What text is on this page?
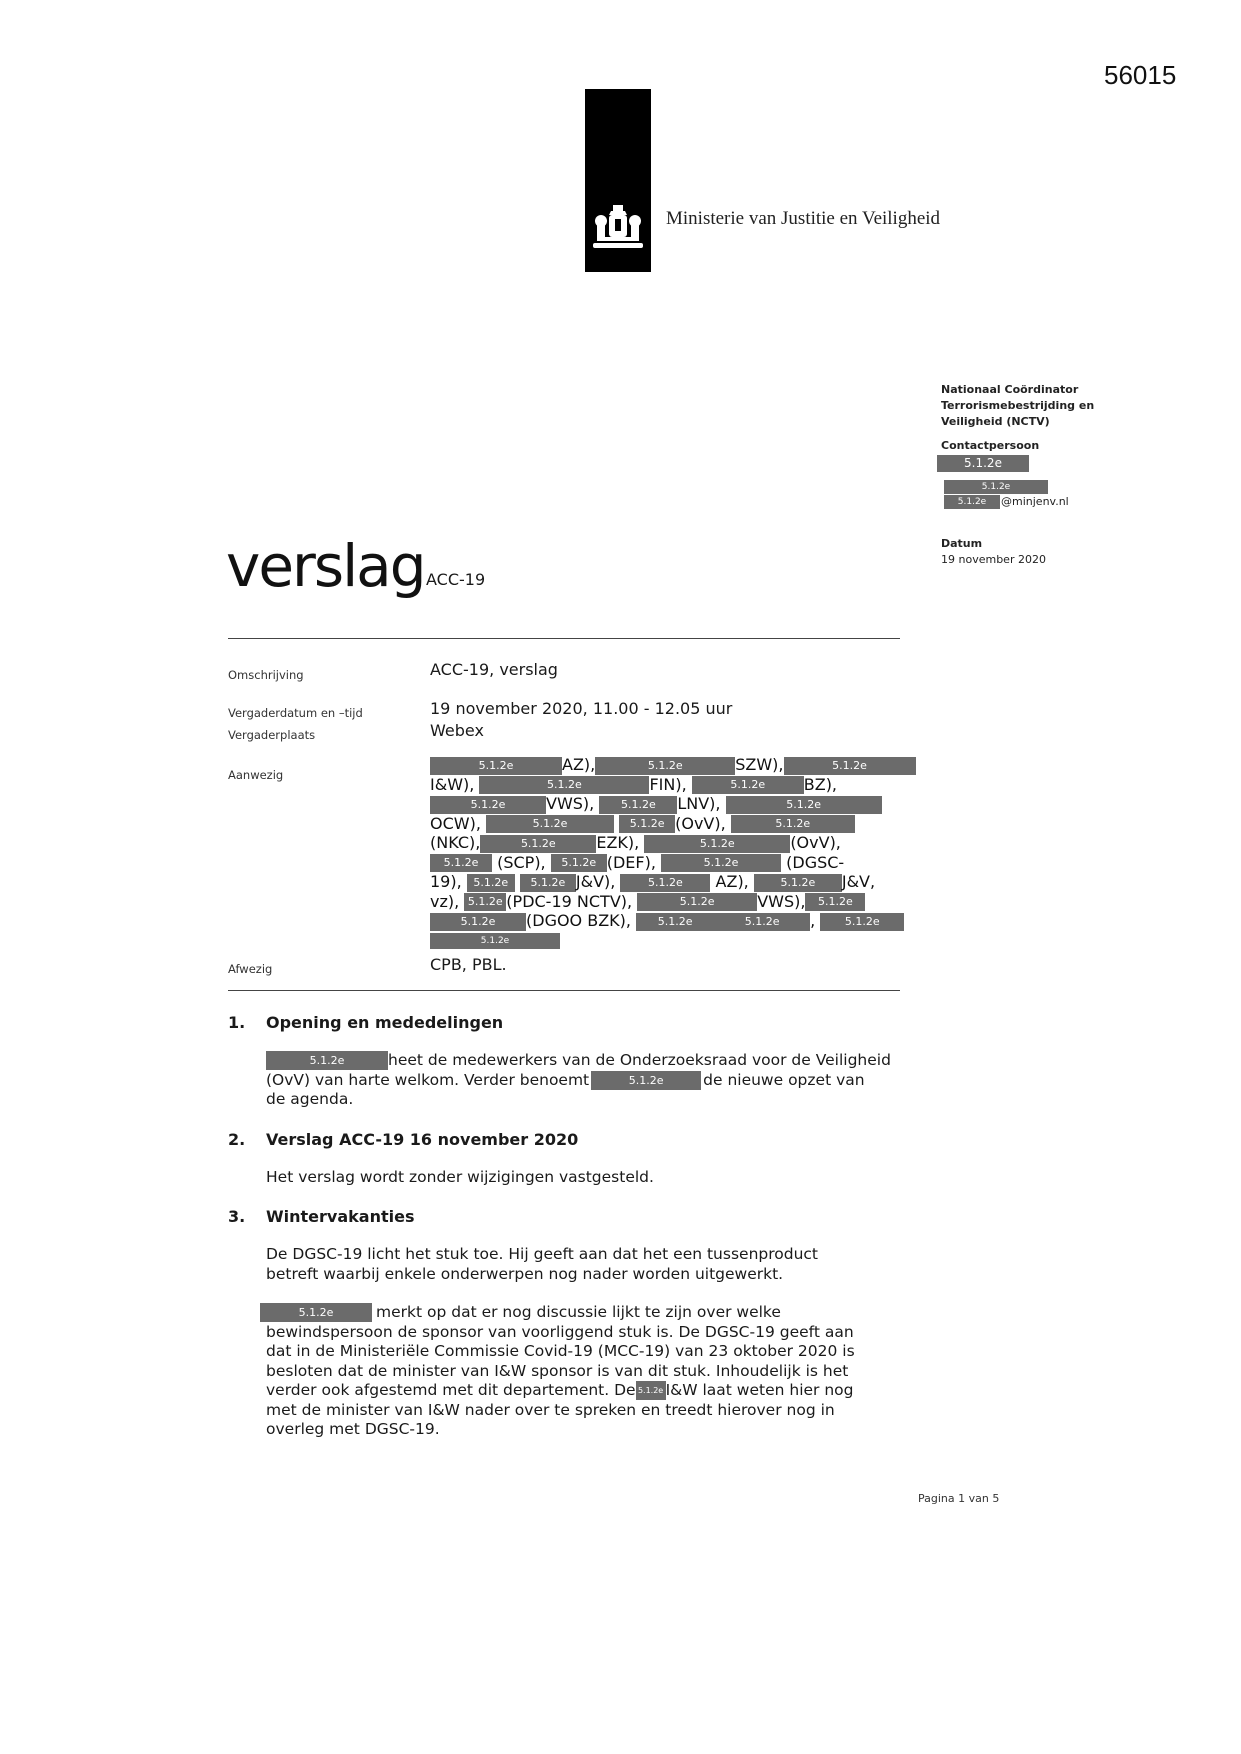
56015
Ministerie van Justitie en Veiligheid
Nationaal Coördinator
Terrorismebestrijding en
Veiligheid (NCTV)
Contactpersoon
5.1.2e
5.1.2e
5.1.2e	@minjenv.nl
Datum
19 november 2020
verslag ACC-19
Omschrijving	ACC-19, verslag
Vergaderdatum en –tijd	19 november 2020, 11.00 - 12.05 uur
Vergaderplaats	Webex
Aanwezig
5.1.2e	AZ),	5.1.2e	SZW),	5.1.2e
I&W),	5.1.2e	FIN),	5.1.2e BZ),
5.1.2e	VWS), 5.1.2e LNV),	5.1.2e
OCW),	5.1.2e	5.1.2e (OvV),	5.1.2e
(NKC),	5.1.2e	EZK),	5.1.2e	(OvV),
5.1.2e (SCP), 5.1.2e (DEF),	5.1.2e	(DGSC-
19), 5.1.2e 5.1.2e J&V),	5.1.2e AZ),	5.1.2e J&V,
vz), 5.1.2e (PDC-19 NCTV),	5.1.2e	VWS), 5.1.2e
5.1.2e (DGOO BZK), 5.1.2e	5.1.2e ,	5.1.2e
5.1.2e
Afwezig	CPB, PBL.
1. Opening en mededelingen
5.1.2e	heet de medewerkers van de Onderzoeksraad voor de Veiligheid
(OvV) van harte welkom. Verder benoemt	5.1.2e	de nieuwe opzet van
de agenda.
2. Verslag ACC-19 16 november 2020
Het verslag wordt zonder wijzigingen vastgesteld.
3. Wintervakanties
De DGSC-19 licht het stuk toe. Hij geeft aan dat het een tussenproduct
betreft waarbij enkele onderwerpen nog nader worden uitgewerkt.
5.1.2e	merkt op dat er nog discussie lijkt te zijn over welke
bewindspersoon de sponsor van voorliggend stuk is. De DGSC-19 geeft aan
dat in de Ministeriële Commissie Covid-19 (MCC-19) van 23 oktober 2020 is
besloten dat de minister van I&W sponsor is van dit stuk. Inhoudelijk is het
verder ook afgestemd met dit departement. De 5.1.2e I&W laat weten hier nog
met de minister van I&W nader over te spreken en treedt hierover nog in
overleg met DGSC-19.
Pagina 1 van 5
